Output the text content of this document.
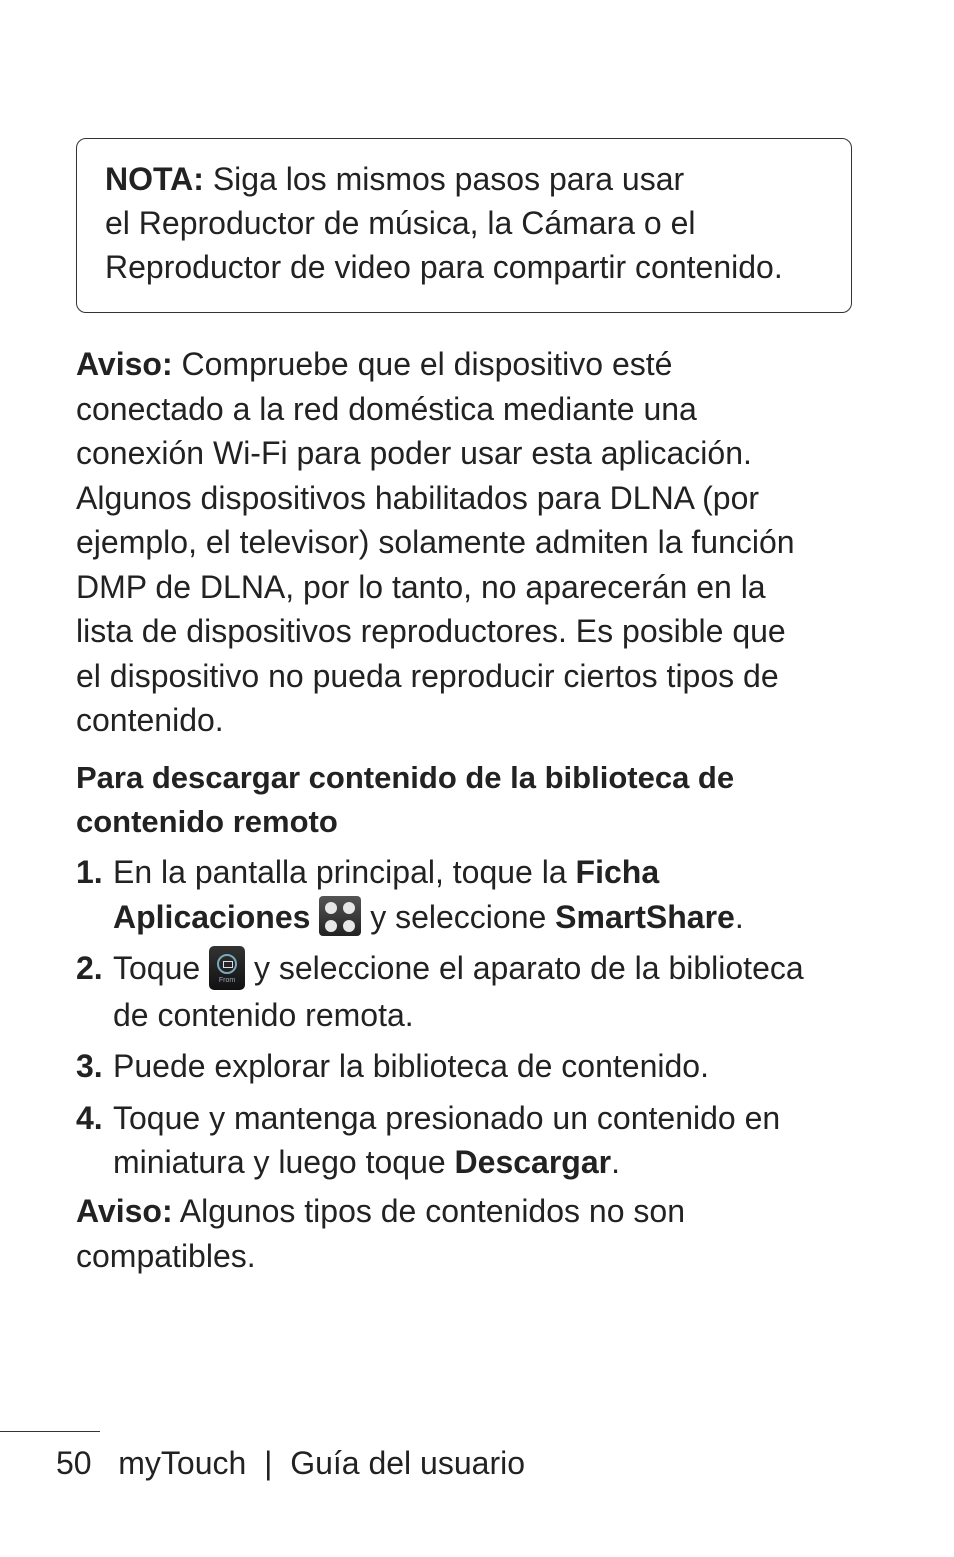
NOTA: Siga los mismos pasos para usar
el Reproductor de música, la Cámara o el
Reproductor de video para compartir contenido.
Aviso: Compruebe que el dispositivo esté
conectado a la red doméstica mediante una
conexión Wi-Fi para poder usar esta aplicación.
Algunos dispositivos habilitados para DLNA (por
ejemplo, el televisor) solamente admiten la función
DMP de DLNA, por lo tanto, no aparecerán en la
lista de dispositivos reproductores. Es posible que
el dispositivo no pueda reproducir ciertos tipos de
contenido.
Para descargar contenido de la biblioteca de
contenido remoto
1. En la pantalla principal, toque la Ficha
Aplicaciones
y seleccione SmartShare.
2. Toque	From y seleccione el aparato de la biblioteca
de contenido remota.
3. Puede explorar la biblioteca de contenido.
4. Toque y mantenga presionado un contenido en
miniatura y luego toque Descargar.
Aviso: Algunos tipos de contenidos no son
compatibles.
50 myTouch | Guía del usuario
